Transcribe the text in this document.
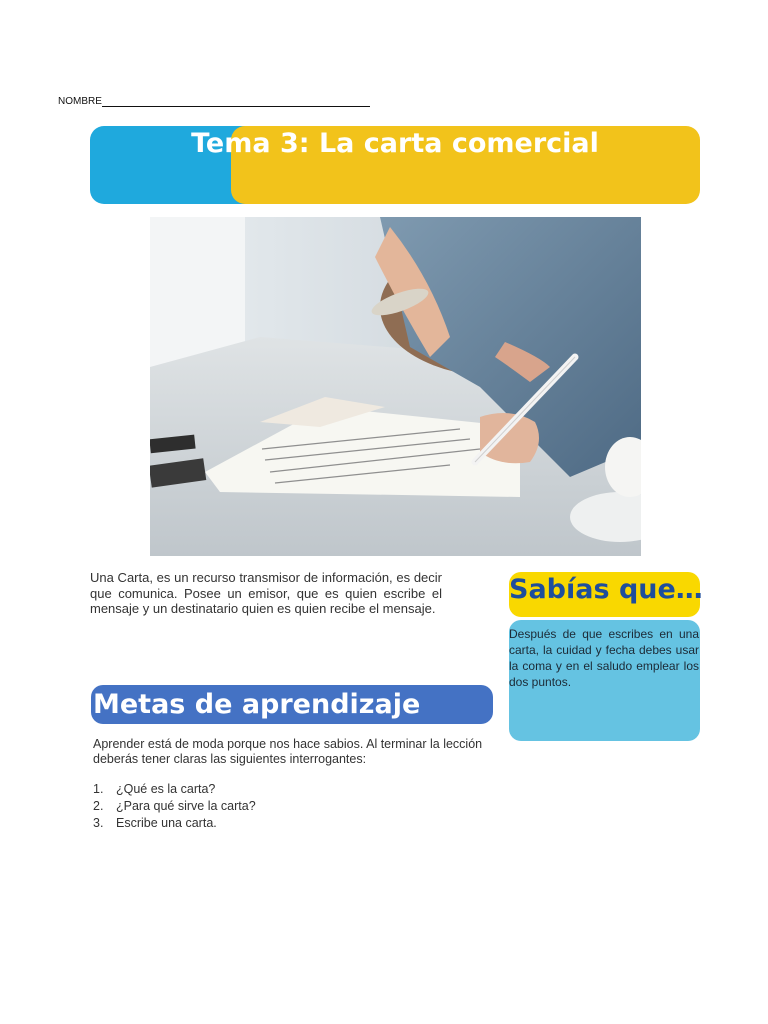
NOMBRE
Tema 3: La carta comercial
Una Carta, es un recurso transmisor de información, es decir que comunica. Posee un emisor, que es quien escribe el mensaje y un destinatario quien es quien recibe el mensaje.
Sabías que…
Después de que escribes en una carta, la cuidad y fecha debes usar la coma y en el saludo emplear los dos puntos.
Metas de aprendizaje
Aprender está de moda porque nos hace sabios. Al terminar la lección deberás tener claras las siguientes interrogantes:
1. ¿Qué es la carta?
2. ¿Para qué sirve la carta?
3. Escribe una carta.
